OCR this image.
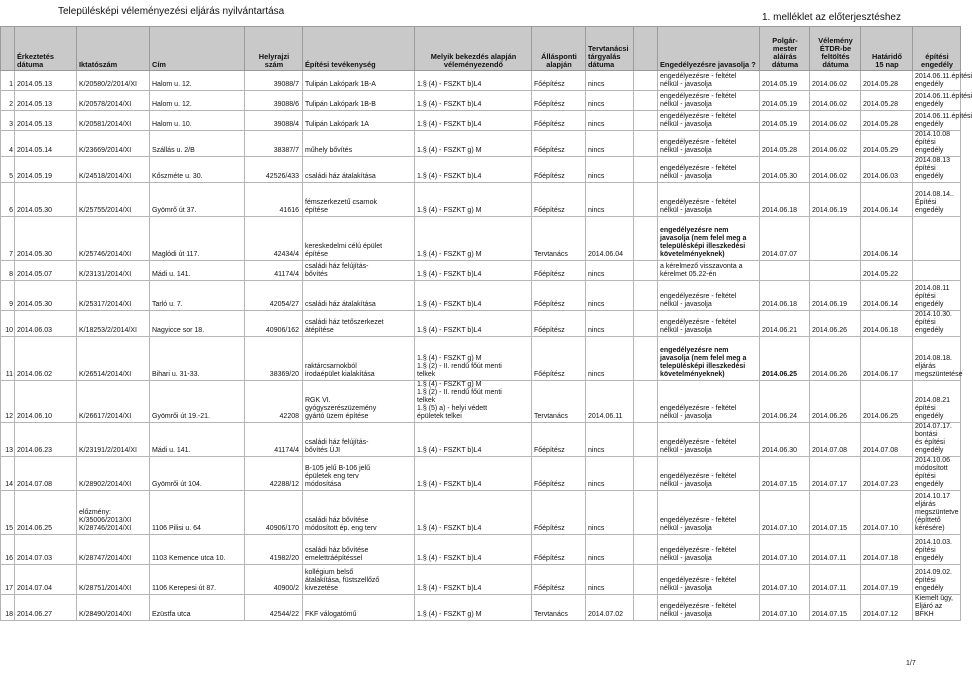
Településképi véleményezési eljárás nyilvántartása
1. melléklet az előterjesztéshez
	Érkeztetés
dátuma	Iktatószám	Cím	Helyrajzi
szám	Építési tevékenység	Melyik bekezdés alapján
véleményezendő	Állásponti
alapján	Tervtanácsi
tárgyalás
dátuma		Engedélyezésre javasolja ?	Polgár-
mester
aláírás
dátuma	Vélemény
ÉTDR-be
feltöltés
dátuma	Határidő
15 nap	építési engedély
1	2014.05.13	K/20580/2/2014/XI	Halom u. 12.	39088/7	Tulipán Lakópark 1B-A	1.§ (4) - FSZKT b)L4	Főépítész	nincs		engedélyezésre - feltétel
nélkül - javasolja	2014.05.19	2014.06.02	2014.05.28	2014.06.11.építési
engedély
2	2014.05.13	K/20578/2014/XI	Halom u. 12.	39088/6	Tulipán Lakópark 1B-B	1.§ (4) - FSZKT b)L4	Főépítész	nincs		engedélyezésre - feltétel
nélkül - javasolja	2014.05.19	2014.06.02	2014.05.28	2014.06.11.építési
engedély
3	2014.05.13	K/20581/2014/XI	Halom u. 10.	39088/4	Tulipán Lakópark 1A	1.§ (4) - FSZKT b)L4	Főépítész	nincs		engedélyezésre - feltétel
nélkül - javasolja	2014.05.19	2014.06.02	2014.05.28	2014.06.11.építési
engedély
4	2014.05.14	K/23669/2014/XI	Szállás u. 2/B	38387/7	műhely bővítés	1.§ (4) - FSZKT g) M	Főépítész	nincs		engedélyezésre - feltétel
nélkül - javasolja	2014.05.28	2014.06.02	2014.05.29	2014.10.08 építési
engedély
5	2014.05.19	K/24518/2014/XI	Kőszméte u. 30.	42526/433	családi ház átalakítása	1.§ (4) - FSZKT b)L4	Főépítész	nincs		engedélyezésre - feltétel
nélkül - javasolja	2014.05.30	2014.06.02	2014.06.03	2014.08.13 építési
engedély
6	2014.05.30	K/25755/2014/XI	Gyömrő út 37.	41616	fémszerkezetű csarnok
építése	1.§ (4) - FSZKT g) M	Főépítész	nincs		engedélyezésre - feltétel
nélkül - javasolja	2014.06.18	2014.06.19	2014.06.14	2014.08.14..
Építési engedély
7	2014.05.30	K/25746/2014/XI	Maglódi út 117.	42434/4	kereskedelmi célú épület
építése	1.§ (4) - FSZKT g) M	Tervtanács	2014.06.04		engedélyezésre nem
javasolja (nem felel meg a
településképi illeszkedési
követelményeknek)	2014.07.07		2014.06.14	
8	2014.05.07	K/23131/2014/XI	Mádi u. 141.	41174/4	családi ház felújítás-
bővítés	1.§ (4) - FSZKT b)L4	Főépítész	nincs		a kérelmező visszavonta a
kérelmet 05.22-én			2014.05.22	
9	2014.05.30	K/25317/2014/XI	Tarló u. 7.	42054/27	családi ház átalakítása	1.§ (4) - FSZKT b)L4	Főépítész	nincs		engedélyezésre - feltétel
nélkül - javasolja	2014.06.18	2014.06.19	2014.06.14	2014.08.11 építési
engedély
10	2014.06.03	K/18253/2/2014/XI	Nagyicce sor 18.	40906/162	családi ház tetőszerkezet
átépítése	1.§ (4) - FSZKT b)L4	Főépítész	nincs		engedélyezésre - feltétel
nélkül - javasolja	2014.06.21	2014.06.26	2014.06.18	2014.10.30. építési
engedély
11	2014.06.02	K/26514/2014/XI	Bihari u. 31-33.	38369/20	raktárcsarnokból
irodaépület kialakítása	1.§ (4) - FSZKT g) M
1.§ (2) - II. rendű főút menti
telkek	Főépítész	nincs		engedélyezésre nem
javasolja (nem felel meg a
településképi illeszkedési
követelményeknek)	2014.06.25	2014.06.26	2014.06.17	2014.08.18. eljárás
megszüntetése
12	2014.06.10	K/26617/2014/XI	Gyömrői út 19.-21.	42208	RGK VI.
gyógyszerészüzemény
gyártó üzem építése	1.§ (4) - FSZKT g) M
1.§ (2) - II. rendű főút menti
telkek
1.§ (5) a) - helyi védett
épületek telkei	Tervtanács	2014.06.11		engedélyezésre - feltétel
nélkül - javasolja	2014.06.24	2014.06.26	2014.06.25	2014.08.21 építési
engedély
13	2014.06.23	K/23191/2/2014/XI	Mádi u. 141.	41174/4	családi ház felújítás-
bővítés ÚJI	1.§ (4) - FSZKT b)L4	Főépítész	nincs		engedélyezésre - feltétel
nélkül - javasolja	2014.06.30	2014.07.08	2014.07.08	2014.07.17. bontási
és építési engedély
14	2014.07.08	K/28902/2014/XI	Gyömrői út 104.	42288/12	B-105 jelű B-106 jelű
épületek eng terv
módosítása	1.§ (4) - FSZKT b)L4	Főépítész	nincs		engedélyezésre - feltétel
nélkül - javasolja	2014.07.15	2014.07.17	2014.07.23	2014.10.06
módosított építési
engedély
15	2014.06.25	előzmény:
K/35006/2013/XI
K/28746/2014/XI	1106 Pilisi u. 64	40906/170	családi ház bővítése
módosított ép. eng terv	1.§ (4) - FSZKT b)L4	Főépítész	nincs		engedélyezésre - feltétel
nélkül - javasolja	2014.07.10	2014.07.15	2014.07.10	2014.10.17 eljárás
megszüntetve
(építtető kérésére)
16	2014.07.03	K/28747/2014/XI	1103 Kemence utca 10.	41982/20	családi ház bővítése
emelettráépítéssel	1.§ (4) - FSZKT b)L4	Főépítész	nincs		engedélyezésre - feltétel
nélkül - javasolja	2014.07.10	2014.07.11	2014.07.18	2014.10.03. építési
engedély
17	2014.07.04	K/28751/2014/XI	1106 Kerepesi út 87.	40900/2	kollégium belső
átalakítása, füstszellőző
kivezetése	1.§ (4) - FSZKT b)L4	Főépítész	nincs		engedélyezésre - feltétel
nélkül - javasolja	2014.07.10	2014.07.11	2014.07.19	2014.09.02. építési
engedély
18	2014.06.27	K/28490/2014/XI	Ezüstfa utca	42544/22	FKF válogatómű	1.§ (4) - FSZKT g) M	Tervtanács	2014.07.02		engedélyezésre - feltétel
nélkül - javasolja	2014.07.10	2014.07.15	2014.07.12	Kiemelt ügy,
Eljáró az BFKH
1/7
